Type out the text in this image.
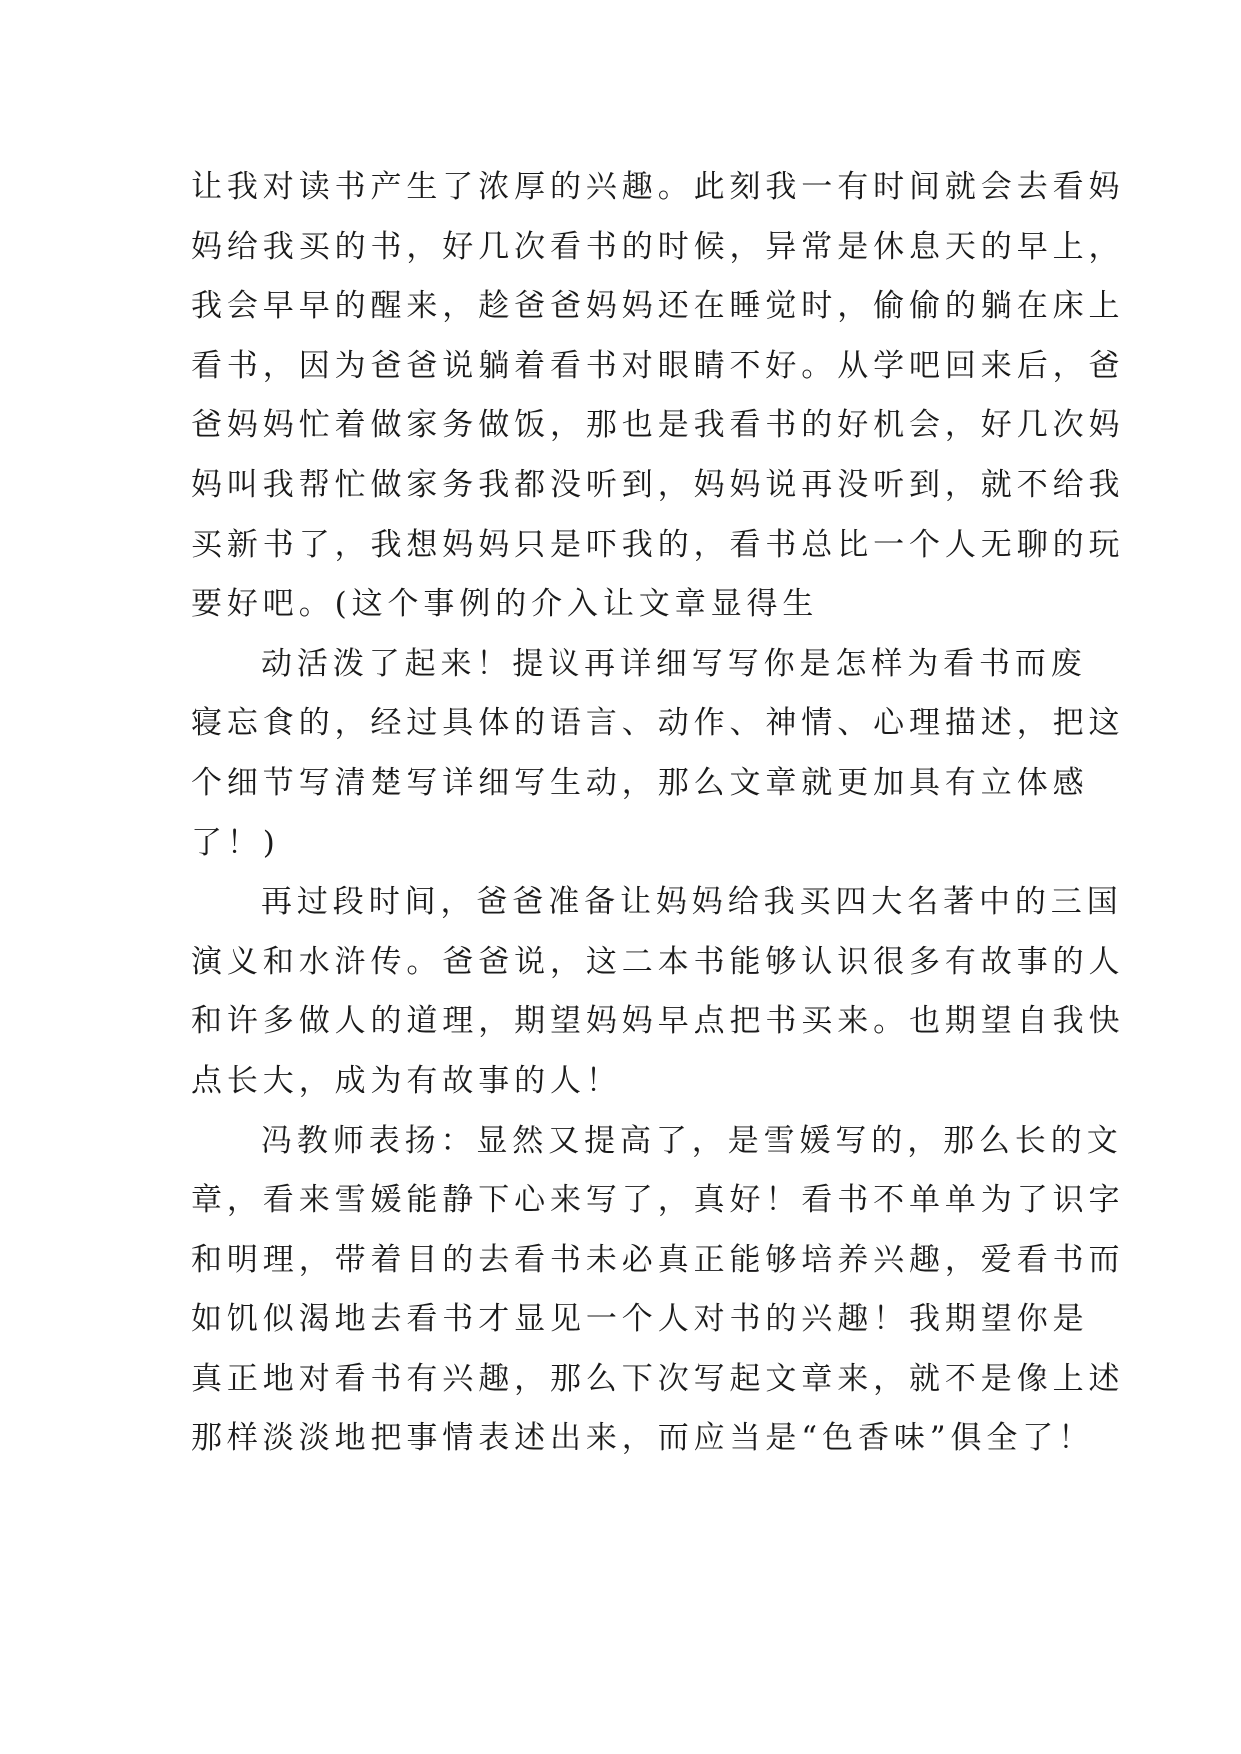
让我对读书产生了浓厚的兴趣。此刻我一有时间就会去看妈
妈给我买的书，好几次看书的时候，异常是休息天的早上，
我会早早的醒来，趁爸爸妈妈还在睡觉时，偷偷的躺在床上
看书，因为爸爸说躺着看书对眼睛不好。从学吧回来后，爸
爸妈妈忙着做家务做饭，那也是我看书的好机会，好几次妈
妈叫我帮忙做家务我都没听到，妈妈说再没听到，就不给我
买新书了，我想妈妈只是吓我的，看书总比一个人无聊的玩
要好吧。(这个事例的介入让文章显得生
动活泼了起来！提议再详细写写你是怎样为看书而废
寝忘食的，经过具体的语言、动作、神情、心理描述，把这
个细节写清楚写详细写生动，那么文章就更加具有立体感
了！)
再过段时间，爸爸准备让妈妈给我买四大名著中的三国
演义和水浒传。爸爸说，这二本书能够认识很多有故事的人
和许多做人的道理，期望妈妈早点把书买来。也期望自我快
点长大，成为有故事的人！
冯教师表扬：显然又提高了，是雪媛写的，那么长的文
章，看来雪媛能静下心来写了，真好！看书不单单为了识字
和明理，带着目的去看书未必真正能够培养兴趣，爱看书而
如饥似渴地去看书才显见一个人对书的兴趣！我期望你是
真正地对看书有兴趣，那么下次写起文章来，就不是像上述
那样淡淡地把事情表述出来，而应当是“色香味”俱全了！
